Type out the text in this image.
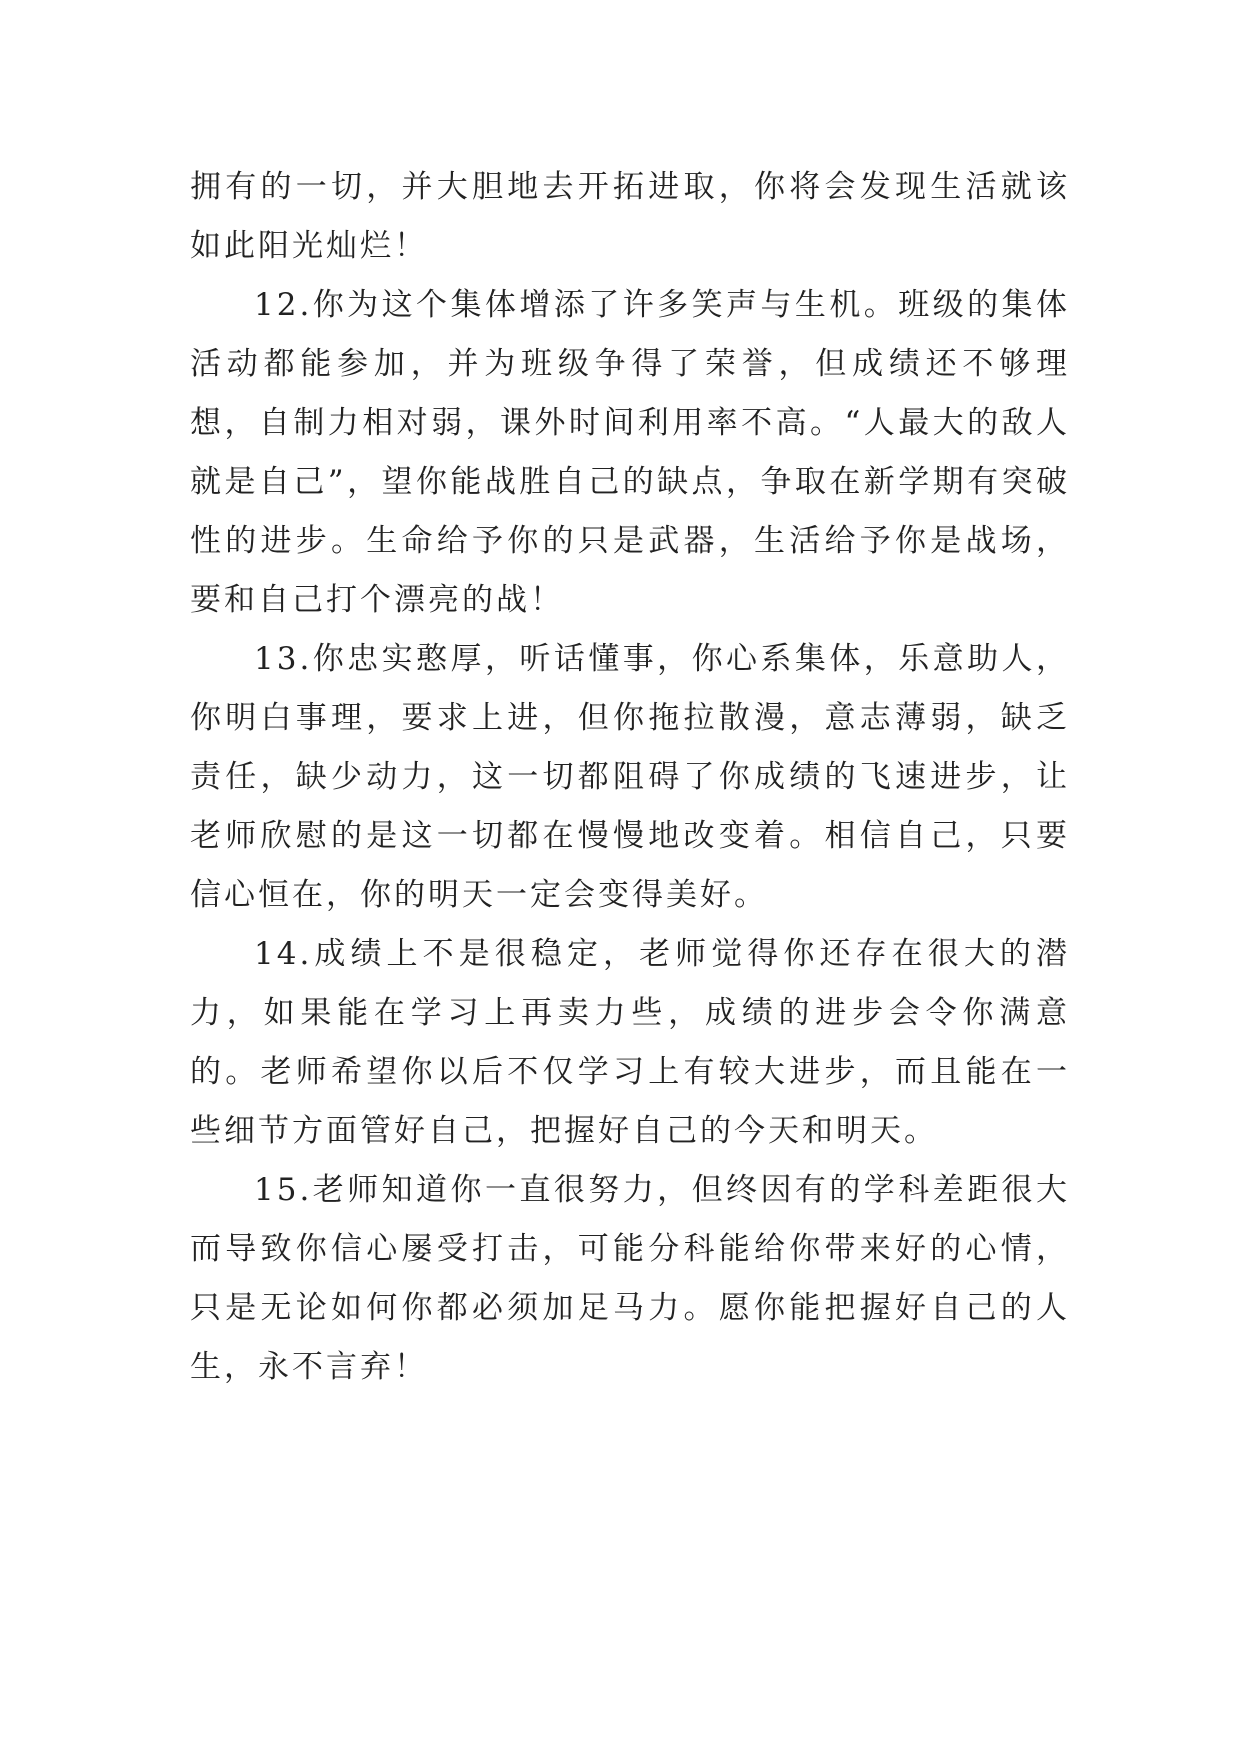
拥有的一切，并大胆地去开拓进取，你将会发现生活就该如此阳光灿烂！

12.你为这个集体增添了许多笑声与生机。班级的集体活动都能参加，并为班级争得了荣誉，但成绩还不够理想，自制力相对弱，课外时间利用率不高。“人最大的敌人就是自己”，望你能战胜自己的缺点，争取在新学期有突破性的进步。生命给予你的只是武器，生活给予你是战场，要和自己打个漂亮的战！

13.你忠实憨厚，听话懂事，你心系集体，乐意助人，你明白事理，要求上进，但你拖拉散漫，意志薄弱，缺乏责任，缺少动力，这一切都阻碍了你成绩的飞速进步，让老师欣慰的是这一切都在慢慢地改变着。相信自己，只要信心恒在，你的明天一定会变得美好。

14.成绩上不是很稳定，老师觉得你还存在很大的潜力，如果能在学习上再卖力些，成绩的进步会令你满意的。老师希望你以后不仅学习上有较大进步，而且能在一些细节方面管好自己，把握好自己的今天和明天。

15.老师知道你一直很努力，但终因有的学科差距很大而导致你信心屡受打击，可能分科能给你带来好的心情，只是无论如何你都必须加足马力。愿你能把握好自己的人生，永不言弃！
